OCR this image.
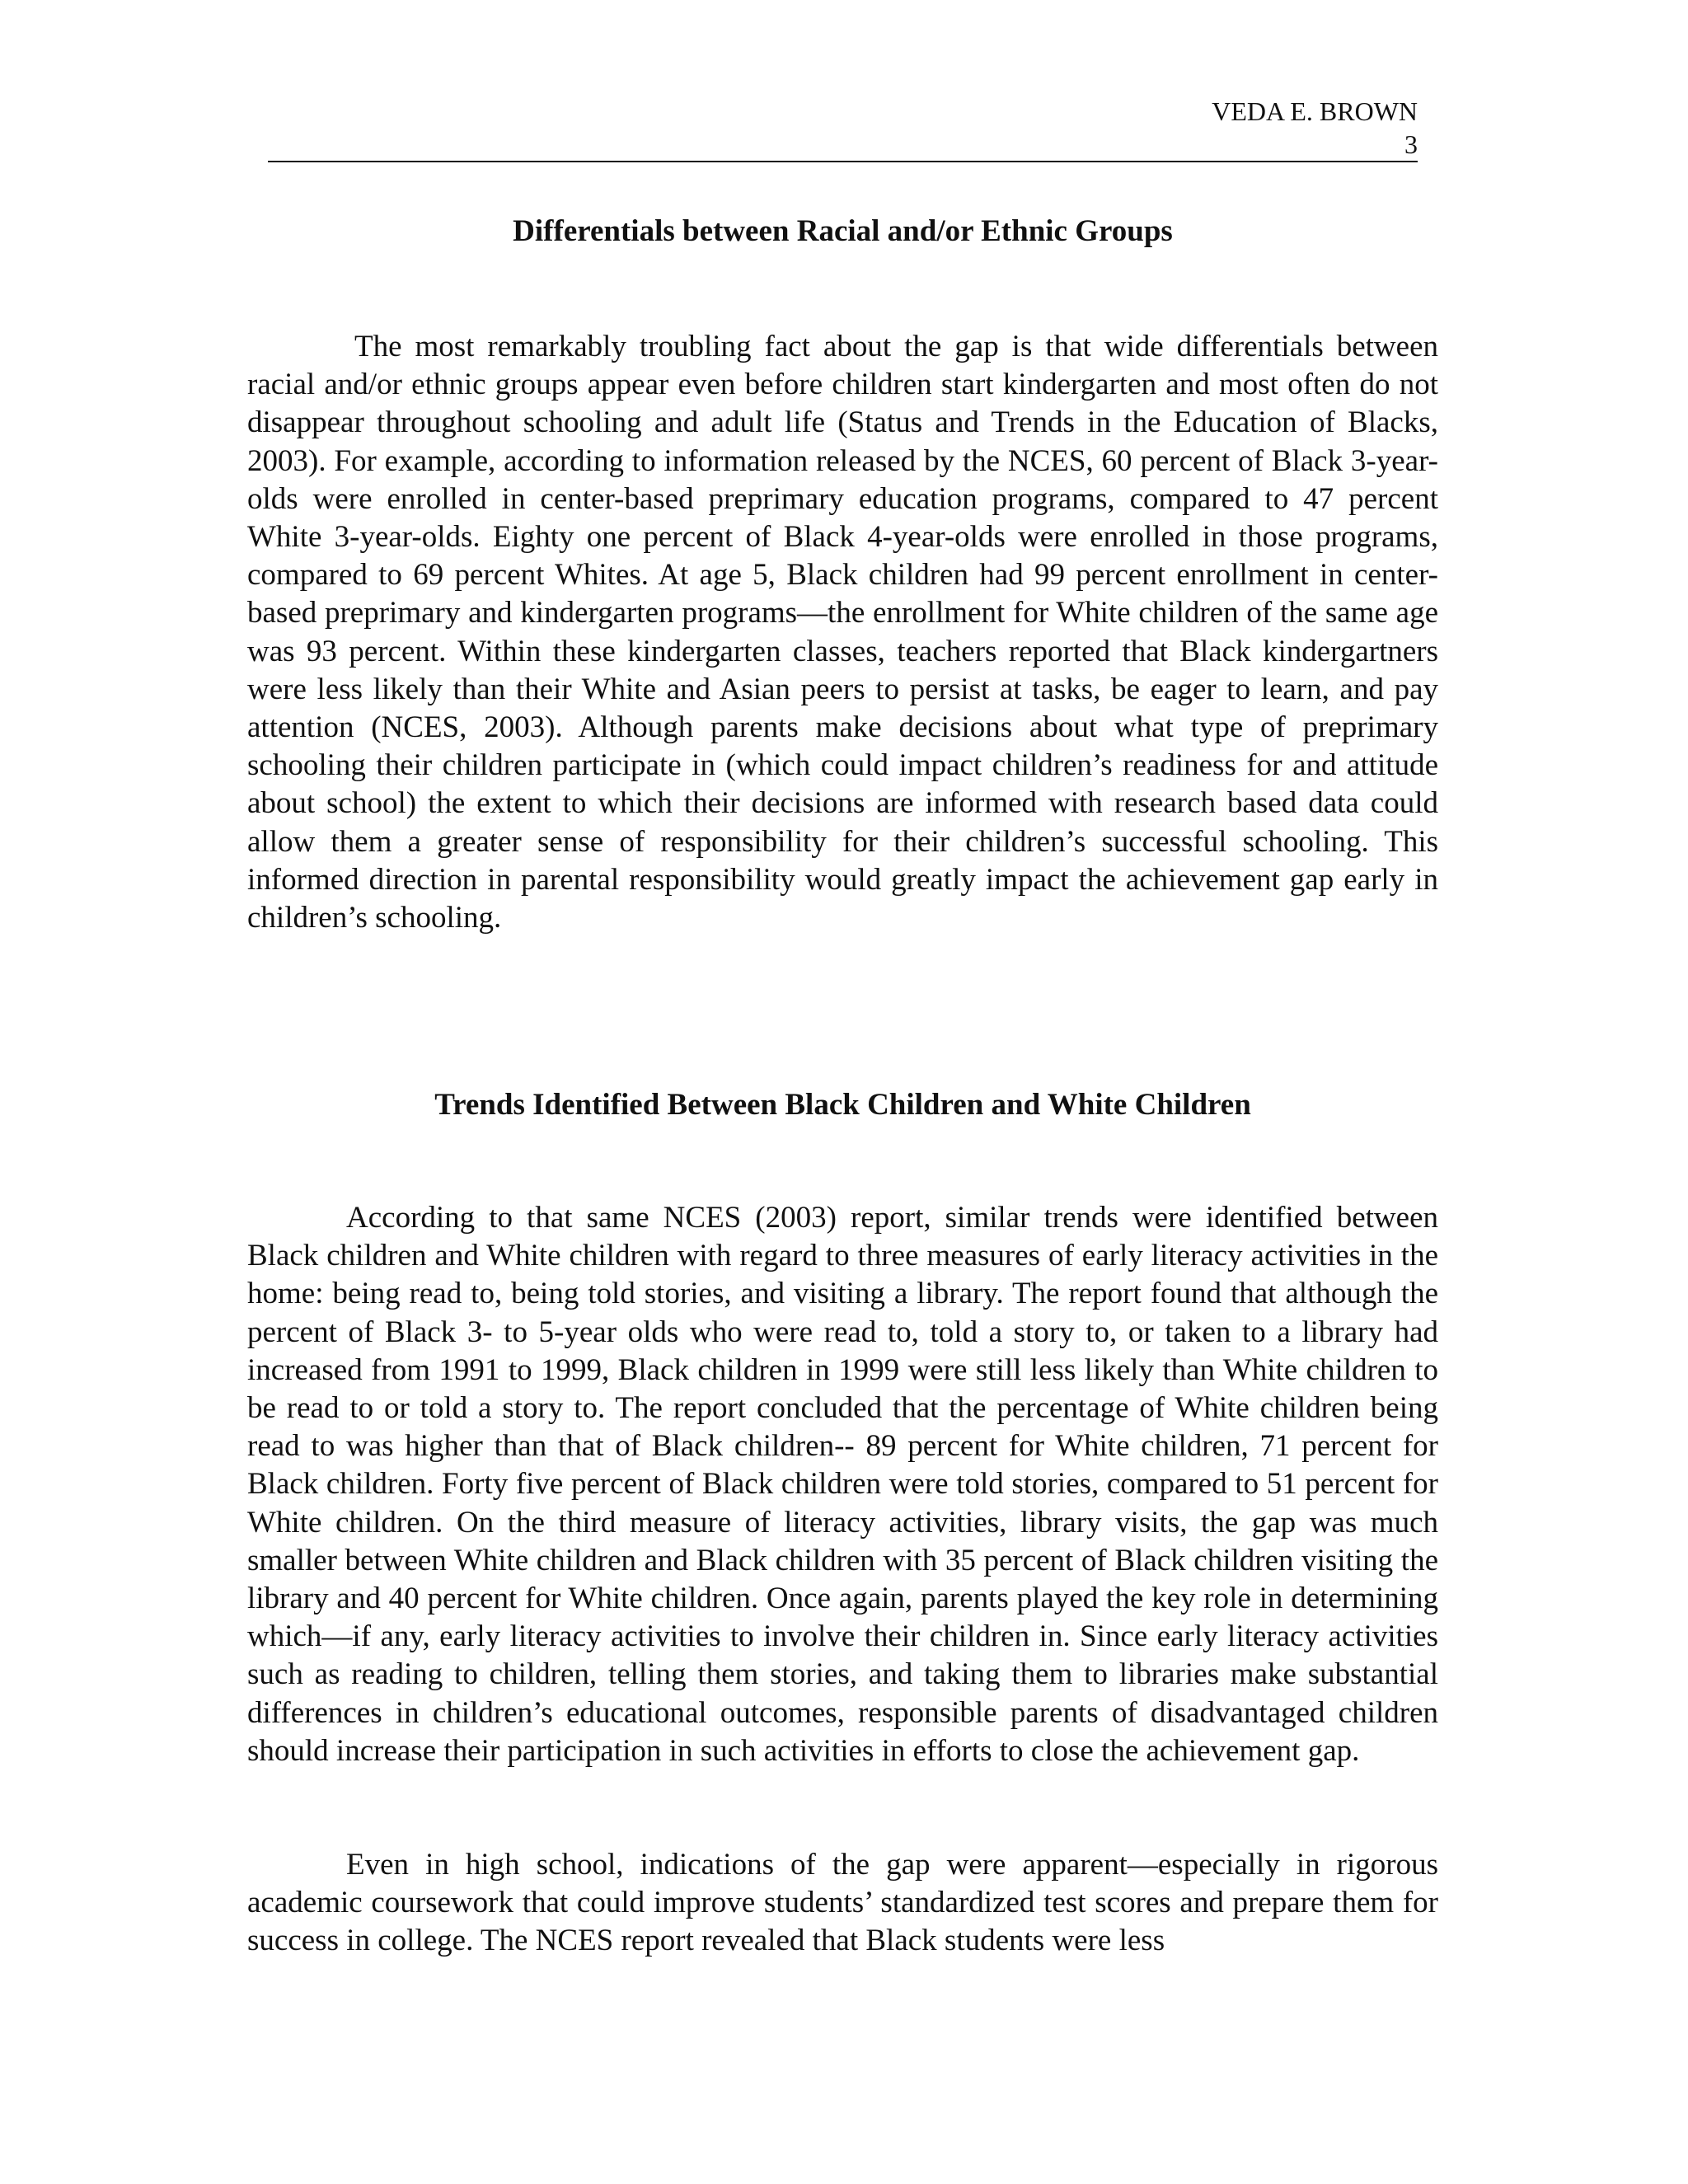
VEDA E. BROWN
3
Differentials between Racial and/or Ethnic Groups

The most remarkably troubling fact about the gap is that wide differentials between racial and/or ethnic groups appear even before children start kindergarten and most often do not disappear throughout schooling and adult life (Status and Trends in the Education of Blacks, 2003). For example, according to information released by the NCES, 60 percent of Black 3-year-olds were enrolled in center-based preprimary education programs, compared to 47 percent White 3-year-olds. Eighty one percent of Black 4-year-olds were enrolled in those programs, compared to 69 percent Whites. At age 5, Black children had 99 percent enrollment in center-based preprimary and kindergarten programs—the enrollment for White children of the same age was 93 percent. Within these kindergarten classes, teachers reported that Black kindergartners were less likely than their White and Asian peers to persist at tasks, be eager to learn, and pay attention (NCES, 2003). Although parents make decisions about what type of preprimary schooling their children participate in (which could impact children’s readiness for and attitude about school) the extent to which their decisions are informed with research based data could allow them a greater sense of responsibility for their children’s successful schooling. This informed direction in parental responsibility would greatly impact the achievement gap early in children’s schooling.

Trends Identified Between Black Children and White Children

According to that same NCES (2003) report, similar trends were identified between Black children and White children with regard to three measures of early literacy activities in the home: being read to, being told stories, and visiting a library. The report found that although the percent of Black 3- to 5-year olds who were read to, told a story to, or taken to a library had increased from 1991 to 1999, Black children in 1999 were still less likely than White children to be read to or told a story to. The report concluded that the percentage of White children being read to was higher than that of Black children-- 89 percent for White children, 71 percent for Black children. Forty five percent of Black children were told stories, compared to 51 percent for White children. On the third measure of literacy activities, library visits, the gap was much smaller between White children and Black children with 35 percent of Black children visiting the library and 40 percent for White children. Once again, parents played the key role in determining which—if any, early literacy activities to involve their children in. Since early literacy activities such as reading to children, telling them stories, and taking them to libraries make substantial differences in children’s educational outcomes, responsible parents of disadvantaged children should increase their participation in such activities in efforts to close the achievement gap.

Even in high school, indications of the gap were apparent—especially in rigorous academic coursework that could improve students’ standardized test scores and prepare them for success in college. The NCES report revealed that Black students were less
